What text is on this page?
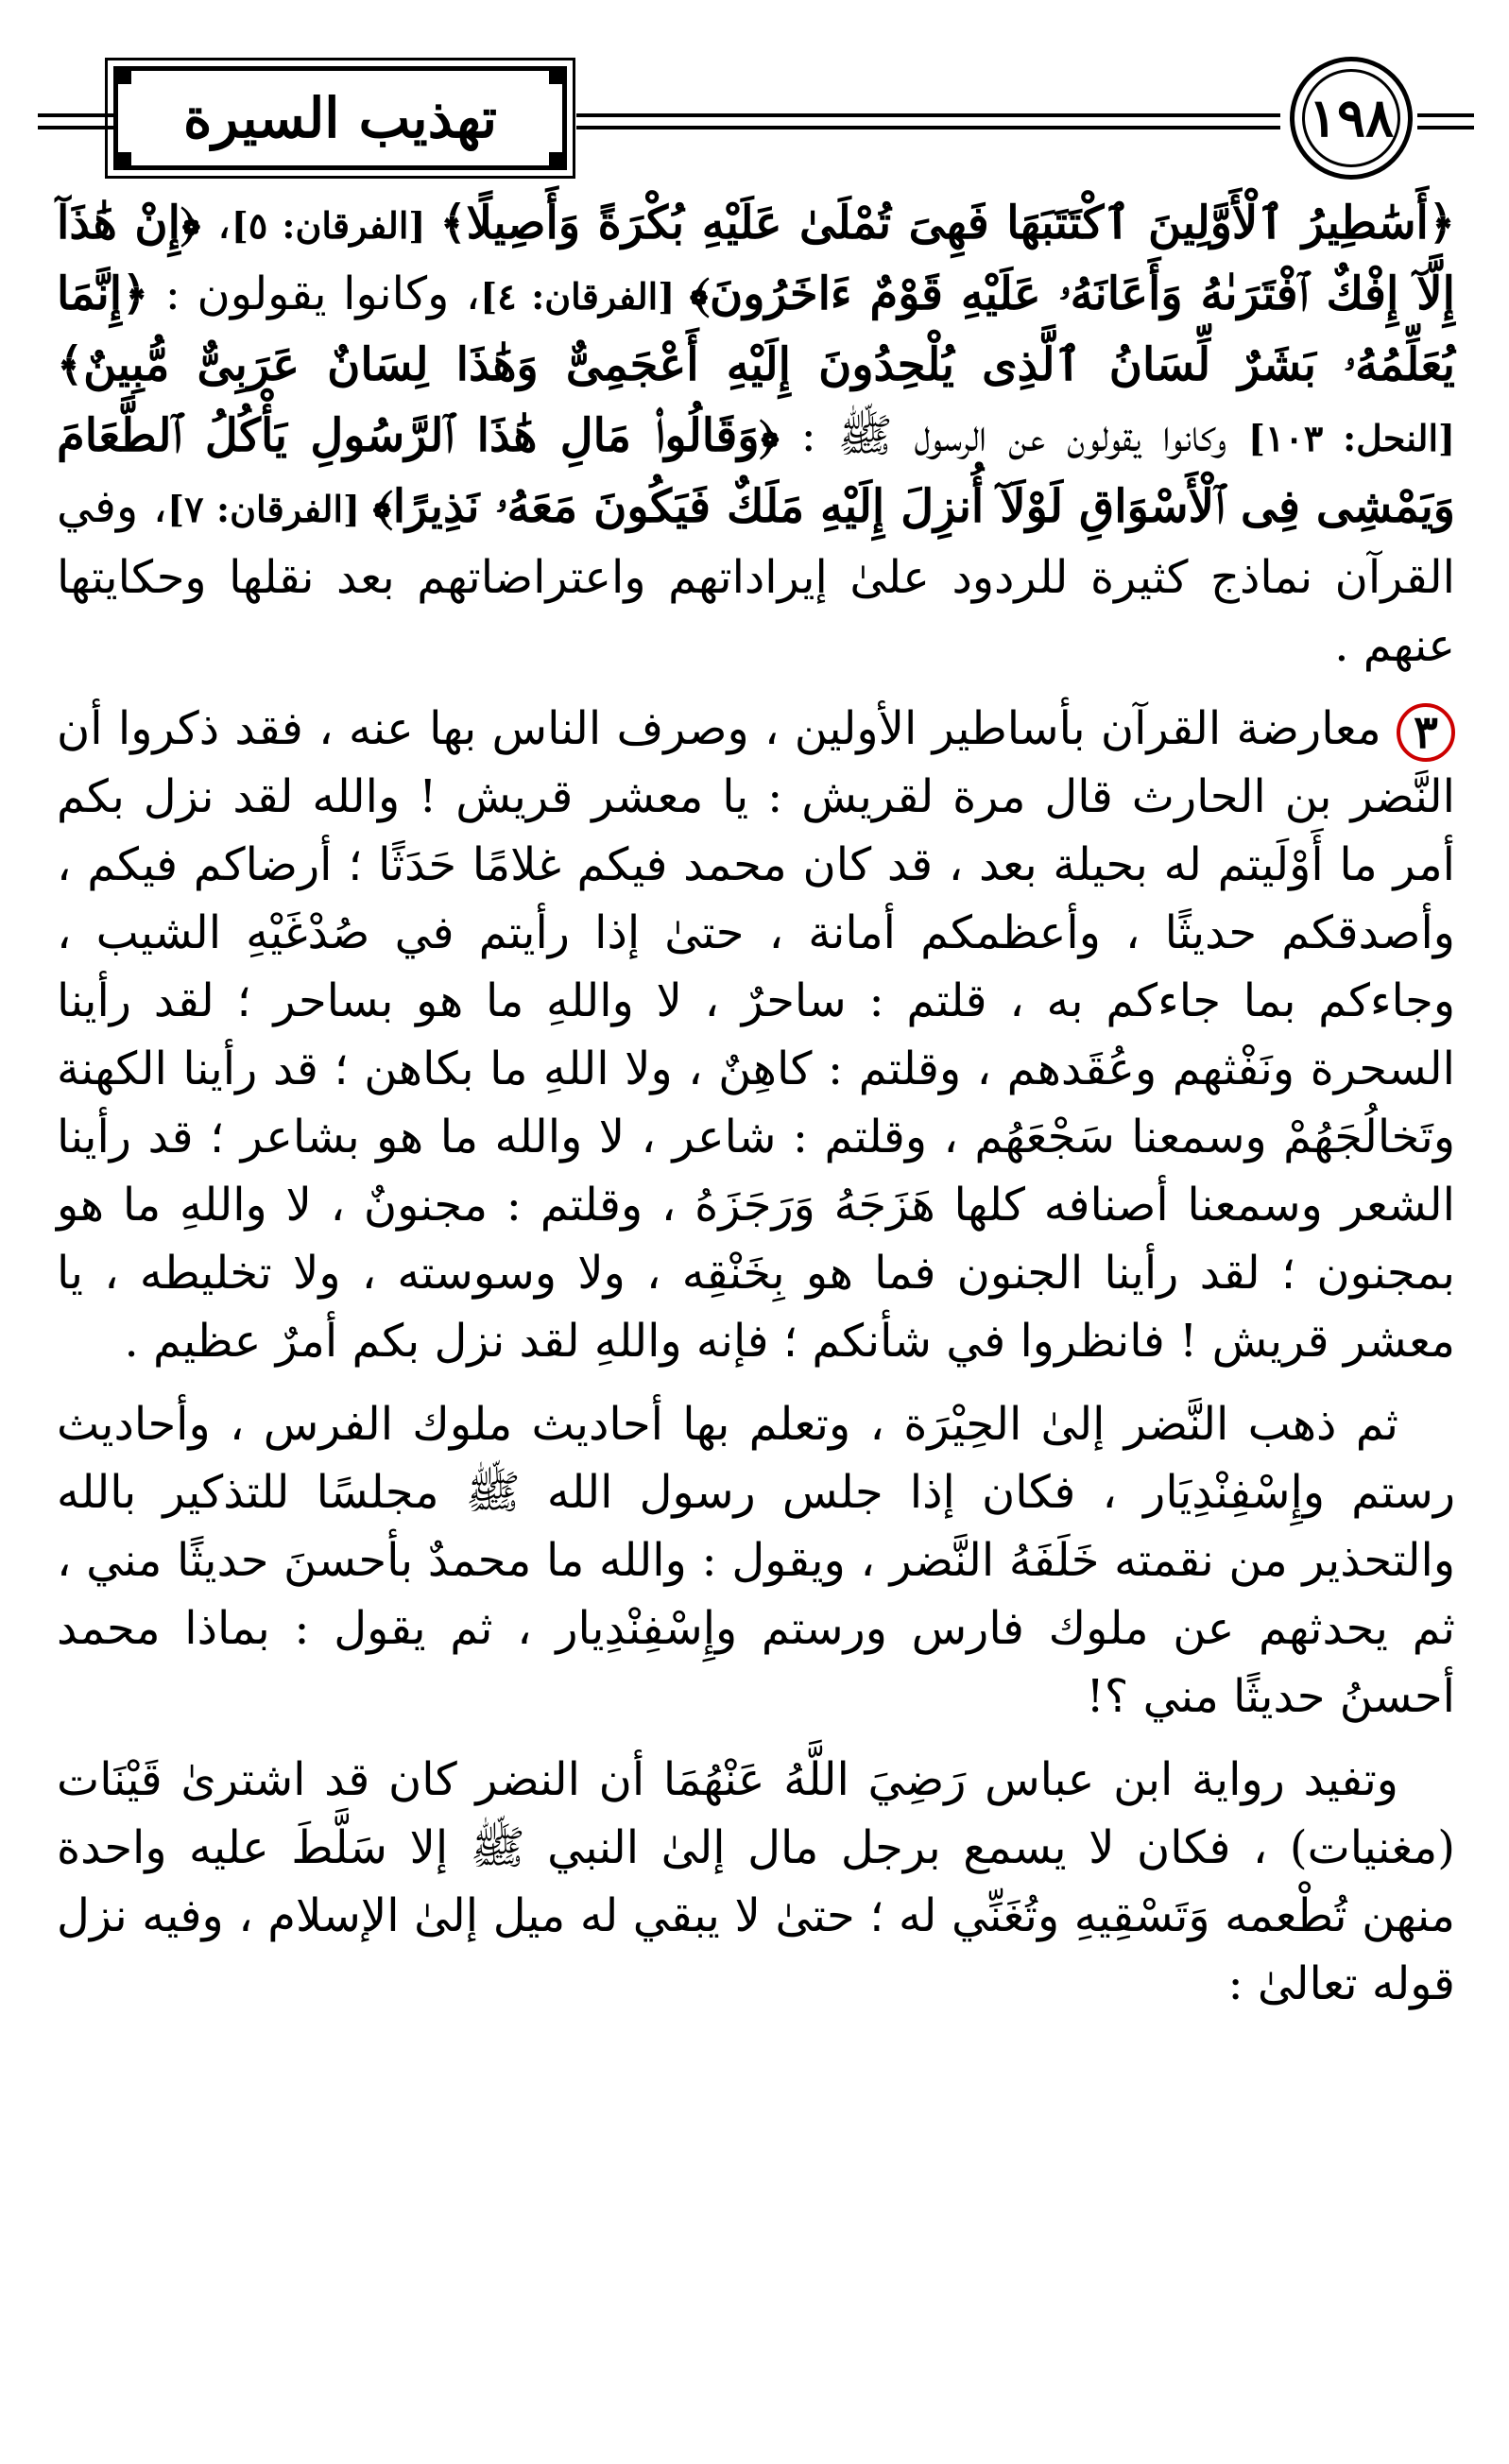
تهذيب السيرة	١٩٨

﴿أَسَٰطِيرُ ٱلْأَوَّلِينَ ٱكْتَتَبَهَا فَهِىَ تُمْلَىٰ عَلَيْهِ بُكْرَةً وَأَصِيلًا﴾ [الفرقان: ٥]، ﴿إِنْ هَٰذَآ إِلَّآ إِفْكٌ ٱفْتَرَىٰهُ وَأَعَانَهُۥ عَلَيْهِ قَوْمٌ ءَاخَرُونَ﴾ [الفرقان: ٤]، وكانوا يقولون : ﴿إِنَّمَا يُعَلِّمُهُۥ بَشَرٌ لِّسَانُ ٱلَّذِى يُلْحِدُونَ إِلَيْهِ أَعْجَمِىٌّ وَهَٰذَا لِسَانٌ عَرَبِىٌّ مُّبِينٌ﴾ [النحل: ١٠٣] وكانوا يقولون عن الرسول ﷺ : ﴿وَقَالُوا۟ مَالِ هَٰذَا ٱلرَّسُولِ يَأْكُلُ ٱلطَّعَامَ وَيَمْشِى فِى ٱلْأَسْوَاقِ لَوْلَآ أُنزِلَ إِلَيْهِ مَلَكٌ فَيَكُونَ مَعَهُۥ نَذِيرًا﴾ [الفرقان: ٧]، وفي القرآن نماذج كثيرة للردود علىٰ إيراداتهم واعتراضاتهم بعد نقلها وحكايتها عنهم .

٣ معارضة القرآن بأساطير الأولين ، وصرف الناس بها عنه ، فقد ذكروا أن النَّضر بن الحارث قال مرة لقريش : يا معشر قريش ! والله لقد نزل بكم أمر ما أَوْلَيتم له بحيلة بعد ، قد كان محمد فيكم غلامًا حَدَثًا ؛ أرضاكم فيكم ، وأصدقكم حديثًا ، وأعظمكم أمانة ، حتىٰ إذا رأيتم في صُدْغَيْهِ الشيب ، وجاءكم بما جاءكم به ، قلتم : ساحرٌ ، لا واللهِ ما هو بساحر ؛ لقد رأينا السحرة ونَفْثهم وعُقَدهم ، وقلتم : كاهِنٌ ، ولا اللهِ ما بكاهن ؛ قد رأينا الكهنة وتَخالُجَهُمْ وسمعنا سَجْعَهُم ، وقلتم : شاعر ، لا والله ما هو بشاعر ؛ قد رأينا الشعر وسمعنا أصنافه كلها هَزَجَهُ وَرَجَزَهُ ، وقلتم : مجنونٌ ، لا واللهِ ما هو بمجنون ؛ لقد رأينا الجنون فما هو بِخَنْقِه ، ولا وسوسته ، ولا تخليطه ، يا معشر قريش ! فانظروا في شأنكم ؛ فإنه واللهِ لقد نزل بكم أمرٌ عظيم .

ثم ذهب النَّضر إلىٰ الحِيْرَة ، وتعلم بها أحاديث ملوك الفرس ، وأحاديث رستم وإِسْفِنْدِيَار ، فكان إذا جلس رسول الله ﷺ مجلسًا للتذكير بالله والتحذير من نقمته خَلَفَهُ النَّضر ، ويقول : والله ما محمدٌ بأحسنَ حديثًا مني ، ثم يحدثهم عن ملوك فارس ورستم وإِسْفِنْدِيار ، ثم يقول : بماذا محمد أحسنُ حديثًا مني ؟!

وتفيد رواية ابن عباس رَضِيَ اللَّهُ عَنْهُمَا أن النضر كان قد اشترىٰ قَيْنَات (مغنيات) ، فكان لا يسمع برجل مال إلىٰ النبي ﷺ إلا سَلَّطَ عليه واحدة منهن تُطْعمه وَتَسْقِيهِ وتُغَنِّي له ؛ حتىٰ لا يبقي له ميل إلىٰ الإسلام ، وفيه نزل قوله تعالىٰ :
